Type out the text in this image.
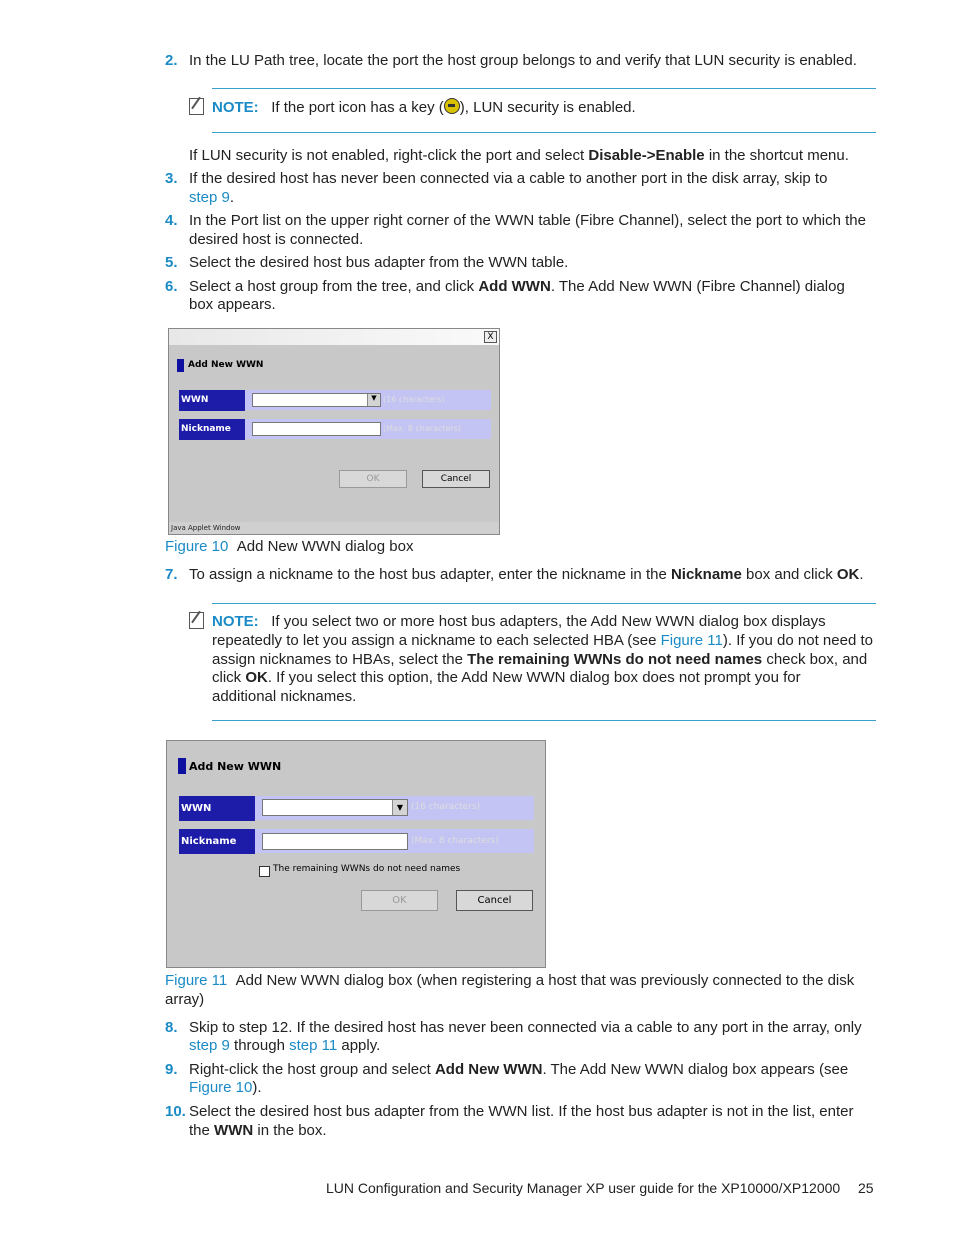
2. In the LU Path tree, locate the port the host group belongs to and verify that LUN security is enabled.
NOTE: If the port icon has a key ( ), LUN security is enabled.
If LUN security is not enabled, right-click the port and select Disable->Enable in the shortcut menu.
3. If the desired host has never been connected via a cable to another port in the disk array, skip to
step 9.
4. In the Port list on the upper right corner of the WWN table (Fibre Channel), select the port to which the
desired host is connected.
5. Select the desired host bus adapter from the WWN table.
6. Select a host group from the tree, and click Add WWN. The Add New WWN (Fibre Channel) dialog
box appears.
X
Add New WWN
WWN	▼ (16 characters)
Nickname	(Max. 8 characters)
OK	Cancel
Java Applet Window
Figure 10 Add New WWN dialog box
7. To assign a nickname to the host bus adapter, enter the nickname in the Nickname box and click OK.
NOTE: If you select two or more host bus adapters, the Add New WWN dialog box displays
repeatedly to let you assign a nickname to each selected HBA (see Figure 11). If you do not need to
assign nicknames to HBAs, select the The remaining WWNs do not need names check box, and
click OK. If you select this option, the Add New WWN dialog box does not prompt you for
additional nicknames.
Add New WWN
WWN	▼ (16 characters)
Nickname	(Max. 8 characters)
The remaining WWNs do not need names
OK	Cancel
Figure 11 Add New WWN dialog box (when registering a host that was previously connected to the disk
array)
8. Skip to step 12. If the desired host has never been connected via a cable to any port in the array, only
step 9 through step 11 apply.
9. Right-click the host group and select Add New WWN. The Add New WWN dialog box appears (see
Figure 10).
10. Select the desired host bus adapter from the WWN list. If the host bus adapter is not in the list, enter
the WWN in the box.
LUN Configuration and Security Manager XP user guide for the XP10000/XP12000 25
